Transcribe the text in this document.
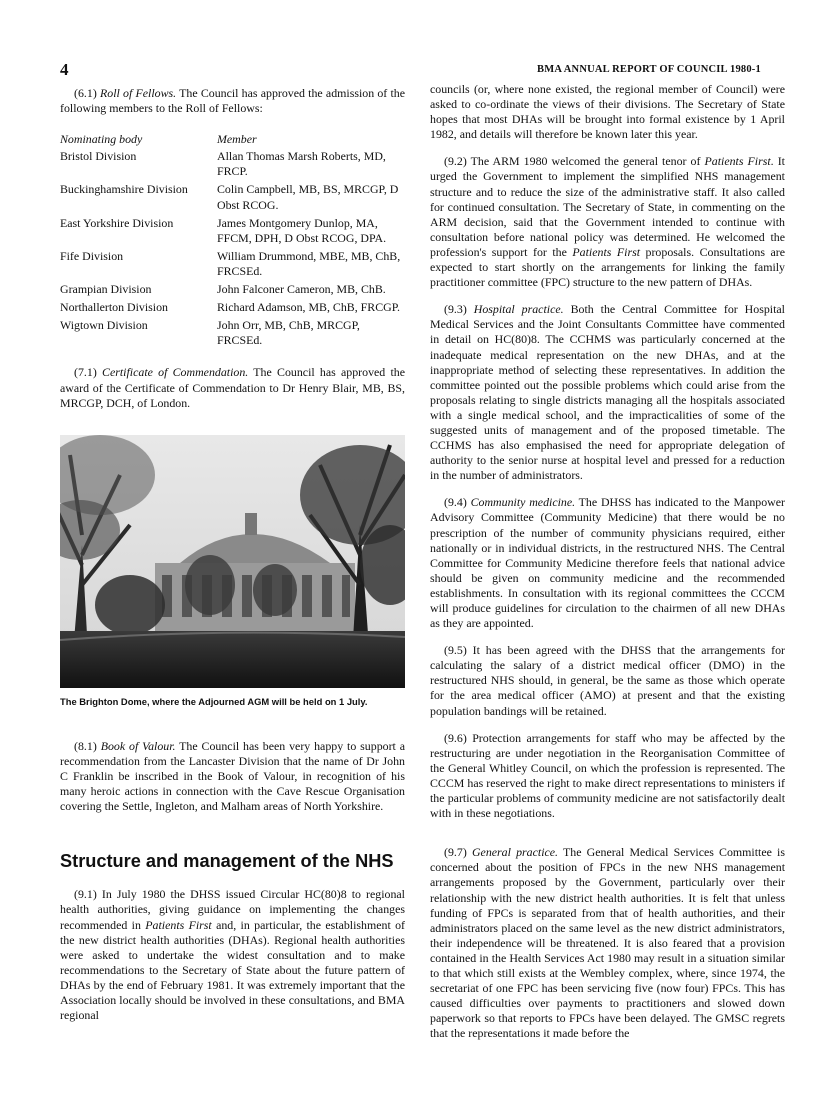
4	BMA ANNUAL REPORT OF COUNCIL 1980-1

(6.1) Roll of Fellows. The Council has approved the admission of the following members to the Roll of Fellows:

Nominating body	Member
Bristol Division	Allan Thomas Marsh Roberts, MD, FRCP.
Buckinghamshire Division	Colin Campbell, MB, BS, MRCGP, D Obst RCOG.
East Yorkshire Division	James Montgomery Dunlop, MA, FFCM, DPH, D Obst RCOG, DPA.
Fife Division	William Drummond, MBE, MB, ChB, FRCSEd.
Grampian Division	John Falconer Cameron, MB, ChB.
Northallerton Division	Richard Adamson, MB, ChB, FRCGP.
Wigtown Division	John Orr, MB, ChB, MRCGP, FRCSEd.

(7.1) Certificate of Commendation. The Council has approved the award of the Certificate of Commendation to Dr Henry Blair, MB, BS, MRCGP, DCH, of London.

The Brighton Dome, where the Adjourned AGM will be held on 1 July.

(8.1) Book of Valour. The Council has been very happy to support a recommendation from the Lancaster Division that the name of Dr John C Franklin be inscribed in the Book of Valour, in recognition of his many heroic actions in connection with the Cave Rescue Organisation covering the Settle, Ingleton, and Malham areas of North Yorkshire.

Structure and management of the NHS

(9.1) In July 1980 the DHSS issued Circular HC(80)8 to regional health authorities, giving guidance on implementing the changes recommended in Patients First and, in particular, the establishment of the new district health authorities (DHAs). Regional health authorities were asked to undertake the widest consultation and to make recommendations to the Secretary of State about the future pattern of DHAs by the end of February 1981. It was extremely important that the Association locally should be involved in these consultations, and BMA regional

councils (or, where none existed, the regional member of Council) were asked to co-ordinate the views of their divisions. The Secretary of State hopes that most DHAs will be brought into formal existence by 1 April 1982, and details will therefore be known later this year.

(9.2) The ARM 1980 welcomed the general tenor of Patients First. It urged the Government to implement the simplified NHS management structure and to reduce the size of the administrative staff. It also called for continued consultation. The Secretary of State, in commenting on the ARM decision, said that the Government intended to continue with consultation before national policy was determined. He welcomed the profession's support for the Patients First proposals. Consultations are expected to start shortly on the arrangements for linking the family practitioner committee (FPC) structure to the new pattern of DHAs.

(9.3) Hospital practice. Both the Central Committee for Hospital Medical Services and the Joint Consultants Committee have commented in detail on HC(80)8. The CCHMS was particularly concerned at the inadequate medical representation on the new DHAs, and at the inappropriate method of selecting these representatives. In addition the committee pointed out the possible problems which could arise from the proposals relating to single districts managing all the hospitals associated with a single medical school, and the impracticalities of some of the suggested units of management and of the proposed timetable. The CCHMS has also emphasised the need for appropriate delegation of authority to the senior nurse at hospital level and pressed for a reduction in the number of administrators.

(9.4) Community medicine. The DHSS has indicated to the Manpower Advisory Committee (Community Medicine) that there would be no prescription of the number of community physicians required, either nationally or in individual districts, in the restructured NHS. The Central Committee for Community Medicine therefore feels that national advice should be given on community medicine and the recommended establishments. In consultation with its regional committees the CCCM will produce guidelines for circulation to the chairmen of all new DHAs as they are appointed.

(9.5) It has been agreed with the DHSS that the arrangements for calculating the salary of a district medical officer (DMO) in the restructured NHS should, in general, be the same as those which operate for the area medical officer (AMO) at present and that the existing population bandings will be retained.

(9.6) Protection arrangements for staff who may be affected by the restructuring are under negotiation in the Reorganisation Committee of the General Whitley Council, on which the profession is represented. The CCCM has reserved the right to make direct representations to ministers if the particular problems of community medicine are not satisfactorily dealt with in these negotiations.

(9.7) General practice. The General Medical Services Committee is concerned about the position of FPCs in the new NHS management arrangements proposed by the Government, particularly over their relationship with the new district health authorities. It is felt that unless funding of FPCs is separated from that of health authorities, and their administrators placed on the same level as the new district administrators, their independence will be threatened. It is also feared that a provision contained in the Health Services Act 1980 may result in a situation similar to that which still exists at the Wembley complex, where, since 1974, the secretariat of one FPC has been servicing five (now four) FPCs. This has caused difficulties over payments to practitioners and slowed down paperwork so that reports to FPCs have been delayed. The GMSC regrets that the representations it made before the
